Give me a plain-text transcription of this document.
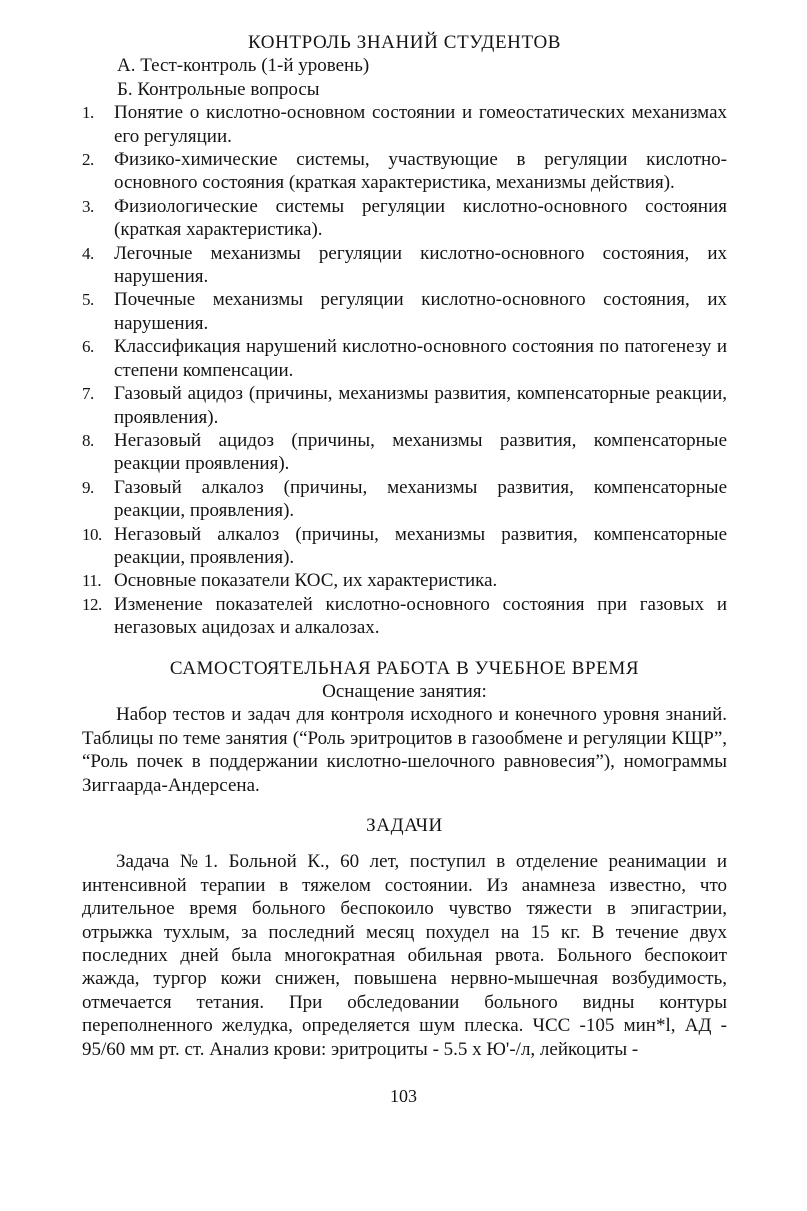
КОНТРОЛЬ ЗНАНИЙ СТУДЕНТОВ
А. Тест-контроль (1-й уровень)
Б. Контрольные вопросы
1.	Понятие о кислотно-основном состоянии и гомеостатических механизмах его регуляции.
2.	Физико-химические системы, участвующие в регуляции кислотно-основного состояния (краткая характеристика, механизмы действия).
3.	Физиологические системы регуляции кислотно-основного состояния (краткая характеристика).
4.	Легочные механизмы регуляции кислотно-основного состояния, их нарушения.
5.	Почечные механизмы регуляции кислотно-основного состояния, их нарушения.
6.	Классификация нарушений кислотно-основного состояния по патогенезу и степени компенсации.
7.	Газовый ацидоз (причины, механизмы развития, компенсаторные реакции, проявления).
8.	Негазовый ацидоз (причины, механизмы развития, компенсаторные реакции проявления).
9.	Газовый алкалоз (причины, механизмы развития, компенсаторные реакции, проявления).
10. Негазовый алкалоз (причины, механизмы развития, компенсаторные реакции, проявления).
11. Основные показатели КОС, их характеристика.
12. Изменение показателей кислотно-основного состояния при газовых и негазовых ацидозах и алкалозах.
САМОСТОЯТЕЛЬНАЯ РАБОТА В УЧЕБНОЕ ВРЕМЯ
Оснащение занятия:

Набор тестов и задач для контроля исходного и конечного уровня знаний. Таблицы по теме занятия (“Роль эритроцитов в газообмене и регуляции КЩР”, “Роль почек в поддержании кислотно-шелочного равновесия”), номограммы Зиггаарда-Андерсена.

ЗАДАЧИ

Задача №1. Больной К., 60 лет, поступил в отделение реанимации и интенсивной терапии в тяжелом состоянии. Из анамнеза известно, что длительное время больного беспокоило чувство тяжести в эпигастрии, отрыжка тухлым, за последний месяц похудел на 15 кг. В течение двух последних дней была многократная обильная рвота. Больного беспокоит жажда, тургор кожи снижен, повышена нервно-мышечная возбудимость, отмечается тетания. При обследовании больного видны контуры переполненного желудка, определяется шум плеска. ЧСС -105 мин*l, АД - 95/60 мм рт. ст. Анализ крови: эритроциты - 5.5 х Ю'-/л, лейкоциты -

103
